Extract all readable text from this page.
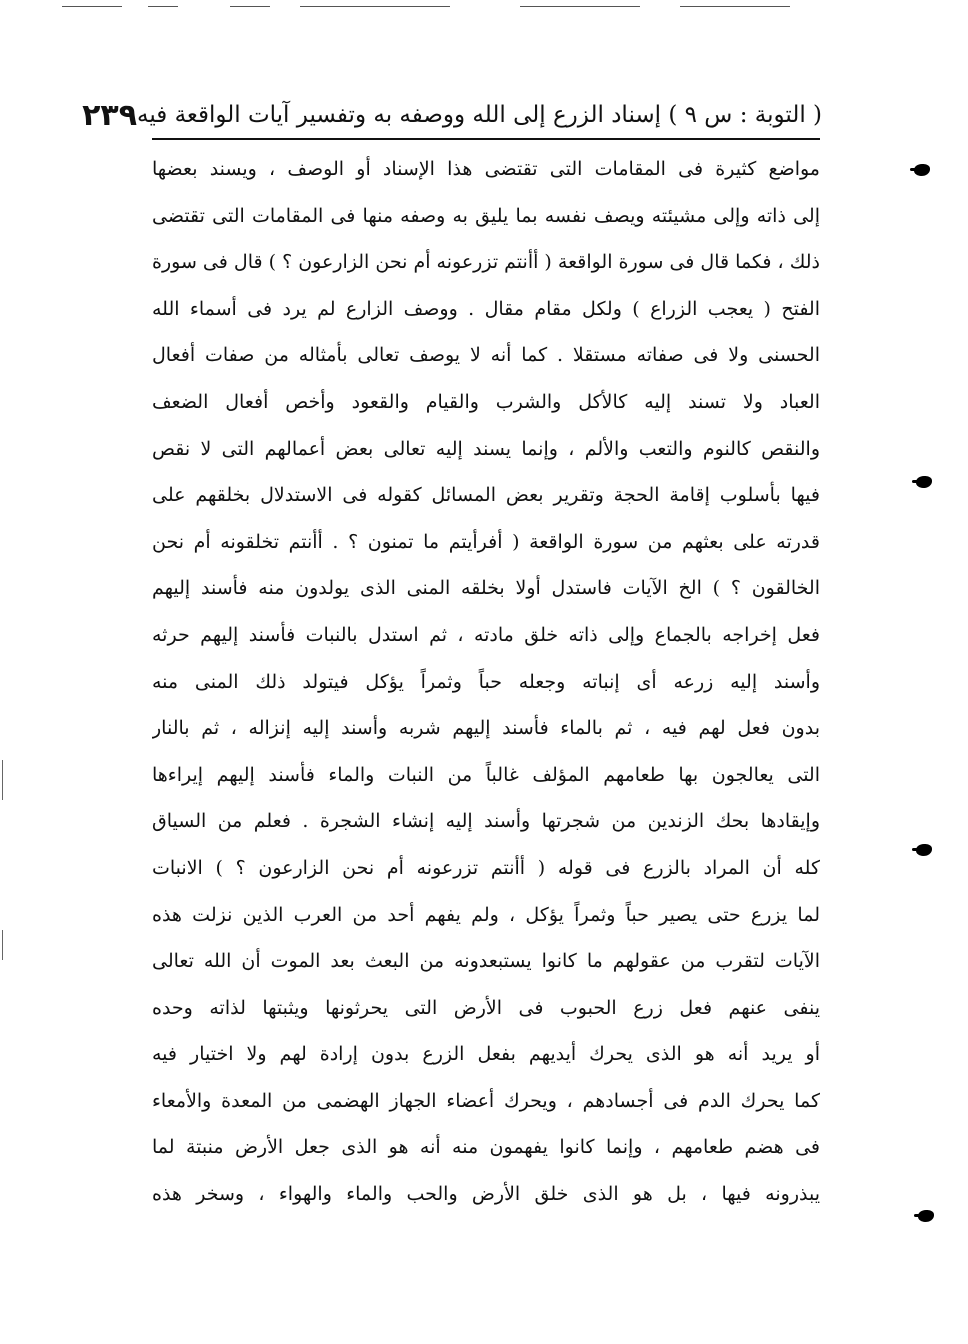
( التوبة : س ٩ ) إسناد الزرع إلى الله ووصفه به وتفسير آيات الواقعة فيه
٢٣٩
مواضع كثيرة فى المقامات التى تقتضى هذا الإسناد أو الوصف ، ويسند بعضها
إلى ذاته وإلى مشيئته ويصف نفسه بما يليق به وصفه منها فى المقامات التى تقتضى
ذلك ، فكما قال فى سورة الواقعة ( أأنتم تزرعونه أم نحن الزارعون ؟ ) قال فى سورة
الفتح ( يعجب الزراع ) ولكل مقام مقال . ووصف الزارع لم يرد فى أسماء الله
الحسنى ولا فى صفاته مستقلا . كما أنه لا يوصف تعالى بأمثاله من صفات أفعال
العباد ولا تسند إليه كالأكل والشرب والقيام والقعود وأخص أفعال الضعف
والنقص كالنوم والتعب والألم ، وإنما يسند إليه تعالى بعض أعمالهم التى لا نقص
فيها بأسلوب إقامة الحجة وتقرير بعض المسائل كقوله فى الاستدلال بخلقهم على
قدرته على بعثهم من سورة الواقعة ( أفرأيتم ما تمنون ؟ . أأنتم تخلقونه أم نحن
الخالقون ؟ ) الخ الآيات فاستدل أولا بخلقه المنى الذى يولدون منه فأسند إليهم
فعل إخراجه بالجماع وإلى ذاته خلق مادته ، ثم استدل بالنبات فأسند إليهم حرثه
وأسند إليه زرعه أى إنباته وجعله حباً وثمراً يؤكل فيتولد ذلك المنى منه
بدون فعل لهم فيه ، ثم بالماء فأسند إليهم شربه وأسند إليه إنزاله ، ثم بالنار
التى يعالجون بها طعامهم المؤلف غالباً من النبات والماء فأسند إليهم إيراءها
وإيقادها بحك الزندين من شجرتها وأسند إليه إنشاء الشجرة . فعلم من السياق
كله أن المراد بالزرع فى قوله ( أأنتم تزرعونه أم نحن الزارعون ؟ ) الانبات
لما يزرع حتى يصير حباً وثمراً يؤكل ، ولم يفهم أحد من العرب الذين نزلت هذه
الآيات لتقرب من عقولهم ما كانوا يستبعدونه من البعث بعد الموت أن الله تعالى
ينفى عنهم فعل زرع الحبوب فى الأرض التى يحرثونها ويثبتها لذاته وحده
أو يريد أنه هو الذى يحرك أيديهم بفعل الزرع بدون إرادة لهم ولا اختيار فيه
كما يحرك الدم فى أجسادهم ، ويحرك أعضاء الجهاز الهضمى من المعدة والأمعاء
فى هضم طعامهم ، وإنما كانوا يفهمون منه أنه هو الذى جعل الأرض منبتة لما
يبذرونه فيها ، بل هو الذى خلق الأرض والحب والماء والهواء ، وسخر هذه
